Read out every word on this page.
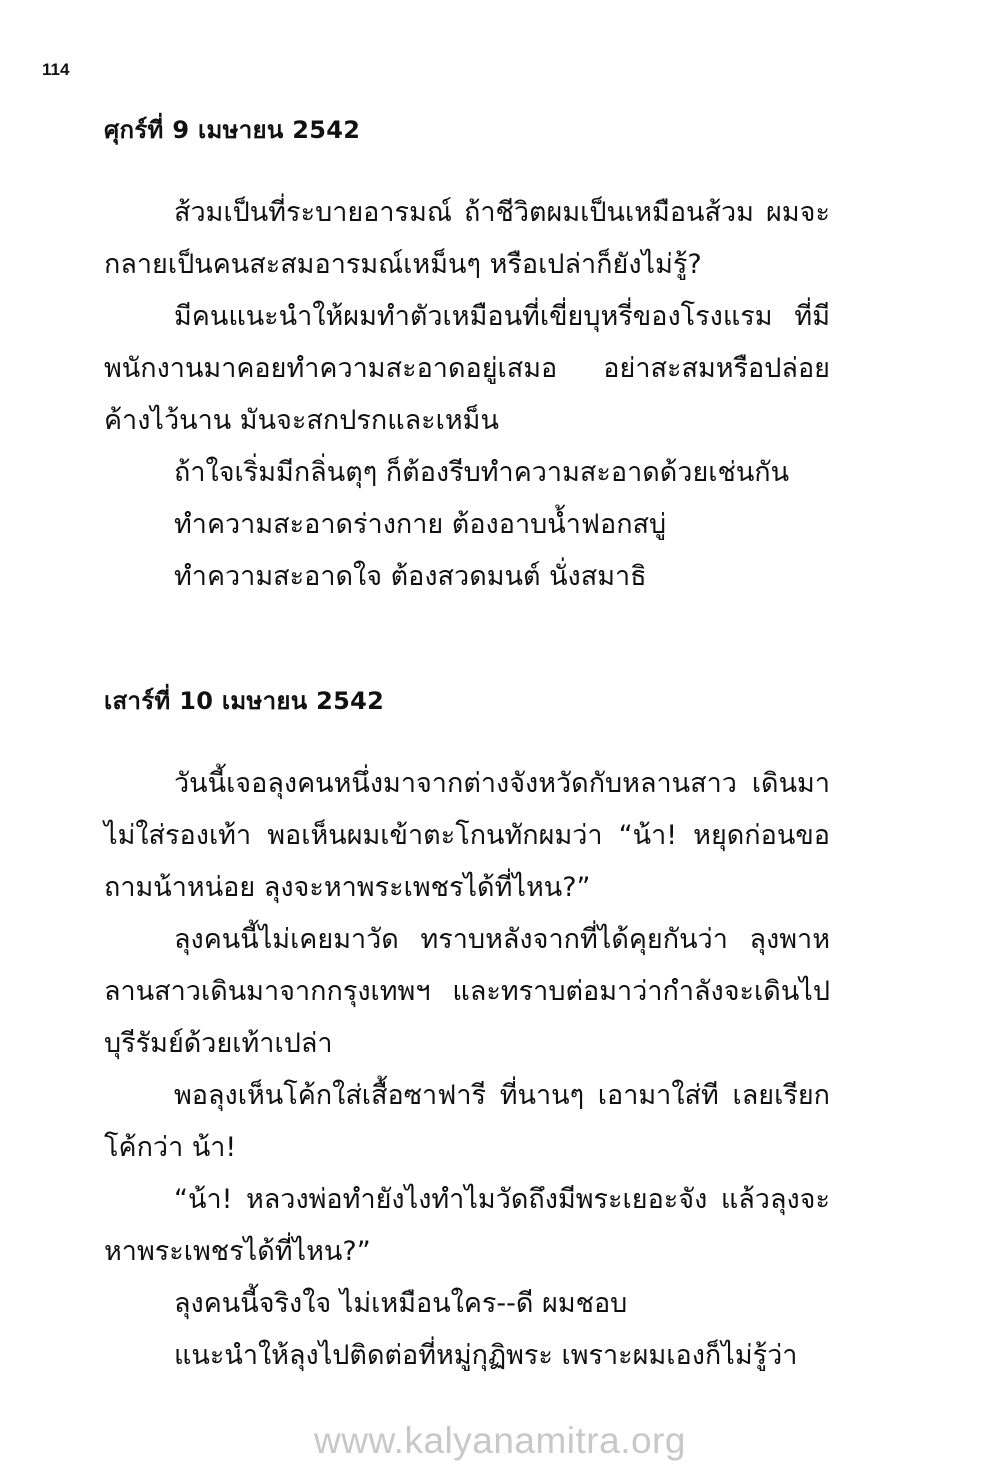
114
ศุกร์ที่ 9 เมษายน 2542

ส้วมเป็นที่ระบายอารมณ์ ถ้าชีวิตผมเป็นเหมือนส้วม ผมจะกลายเป็นคนสะสมอารมณ์เหม็นๆ หรือเปล่าก็ยังไม่รู้?

มีคนแนะนำให้ผมทำตัวเหมือนที่เขี่ยบุหรี่ของโรงแรม ที่มีพนักงานมาคอยทำความสะอาดอยู่เสมอ อย่าสะสมหรือปล่อยค้างไว้นาน มันจะสกปรกและเหม็น

ถ้าใจเริ่มมีกลิ่นตุๆ ก็ต้องรีบทำความสะอาดด้วยเช่นกัน

ทำความสะอาดร่างกาย ต้องอาบน้ำฟอกสบู่

ทำความสะอาดใจ ต้องสวดมนต์ นั่งสมาธิ

เสาร์ที่ 10 เมษายน 2542

วันนี้เจอลุงคนหนึ่งมาจากต่างจังหวัดกับหลานสาว เดินมาไม่ใส่รองเท้า พอเห็นผมเข้าตะโกนทักผมว่า “น้า! หยุดก่อนขอถามน้าหน่อย ลุงจะหาพระเพชรได้ที่ไหน?”

ลุงคนนี้ไม่เคยมาวัด ทราบหลังจากที่ได้คุยกันว่า ลุงพาหลานสาวเดินมาจากกรุงเทพฯ และทราบต่อมาว่ากำลังจะเดินไปบุรีรัมย์ด้วยเท้าเปล่า

พอลุงเห็นโค้กใส่เสื้อซาฟารี ที่นานๆ เอามาใส่ที เลยเรียกโค้กว่า น้า!

“น้า! หลวงพ่อทำยังไงทำไมวัดถึงมีพระเยอะจัง แล้วลุงจะหาพระเพชรได้ที่ไหน?”

ลุงคนนี้จริงใจ ไม่เหมือนใคร--ดี ผมชอบ

แนะนำให้ลุงไปติดต่อที่หมู่กุฏิพระ เพราะผมเองก็ไม่รู้ว่า

www.kalyanamitra.org
